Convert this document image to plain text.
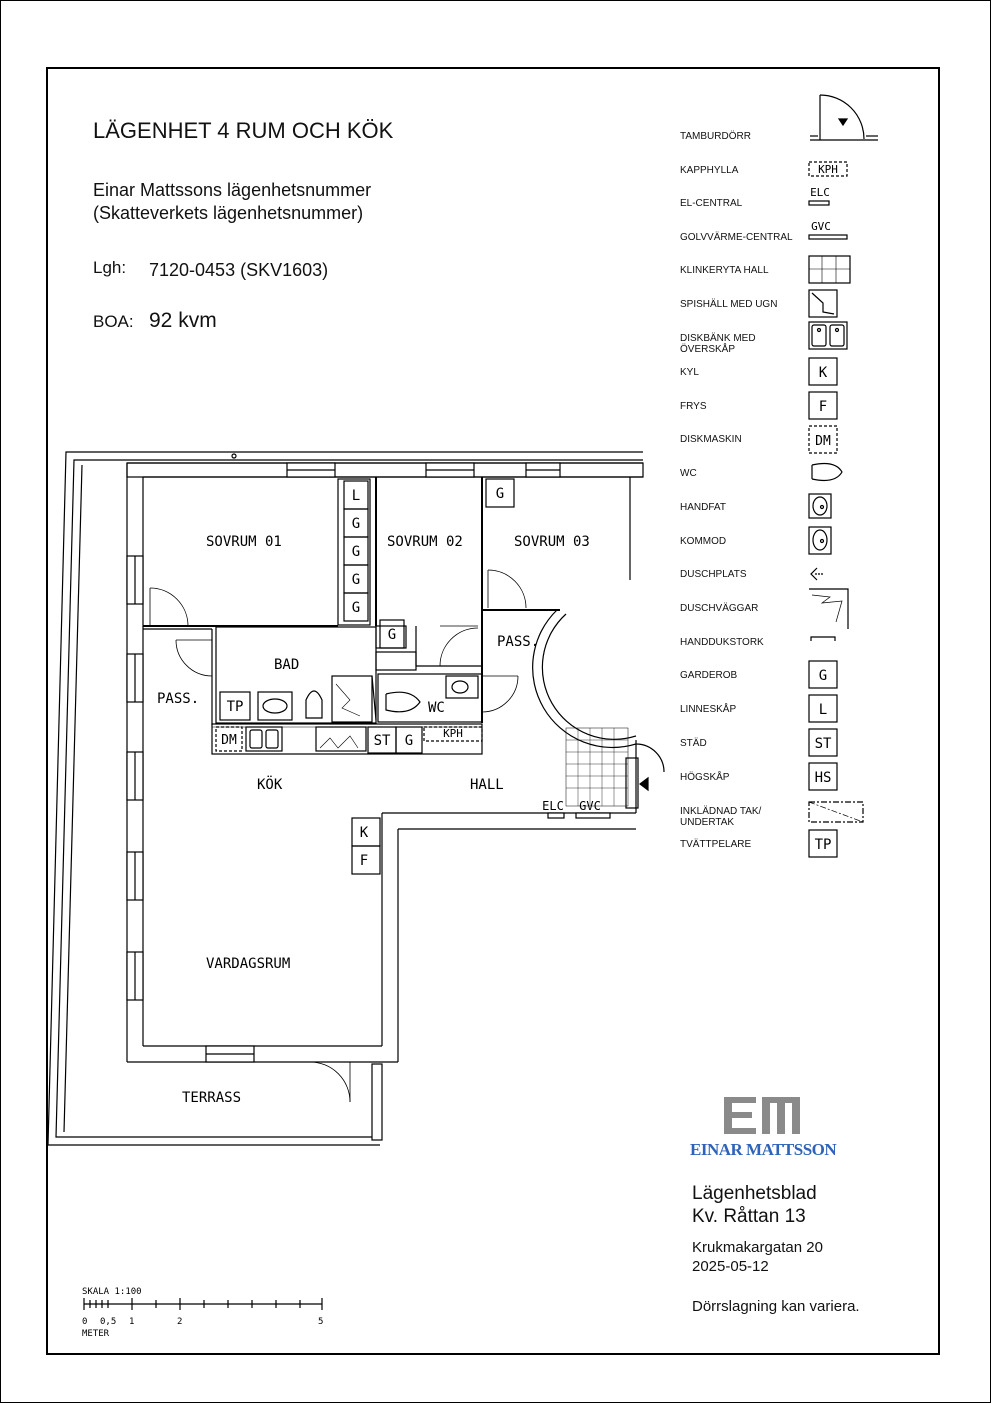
LÄGENHET 4 RUM OCH KÖK
Einar Mattssons lägenhetsnummer
(Skatteverkets lägenhetsnummer)
Lgh: 7120-0453 (SKV1603)
BOA: 92 kvm
TAMBURDÖRR
KAPPHYLLA
EL-CENTRAL
GOLVVÄRME-CENTRAL
KLINKERYTA HALL
SPISHÄLL MED UGN
DISKBÄNK MED ÖVERSKÅP
KYL
FRYS
DISKMASKIN
WC
HANDFAT
KOMMOD
DUSCHPLATS
DUSCHVÄGGAR
HANDDUKSTORK
GARDEROB
LINNESKÅP
STÄD
HÖGSKÅP
INKLÄDNAD TAK/ UNDERTAK
TVÄTTPELARE
KPH
ELC
GVC
K
F
DM
G
L
ST
HS
TP
SOVRUM 01	SOVRUM 02	SOVRUM 03
BAD
PASS.
PASS.
WC
KÖK	HALL
VARDAGSRUM
TERRASS
L
G
G
G
G
G
G
TP
DM	ST G	KPH
ELC GVC
K
F
SKALA 1:100
0 0,5 1	2	5
METER
EINAR MATTSSON
Lägenhetsblad
Kv. Råttan 13
Krukmakargatan 20
2025-05-12
Dörrslagning kan variera.
